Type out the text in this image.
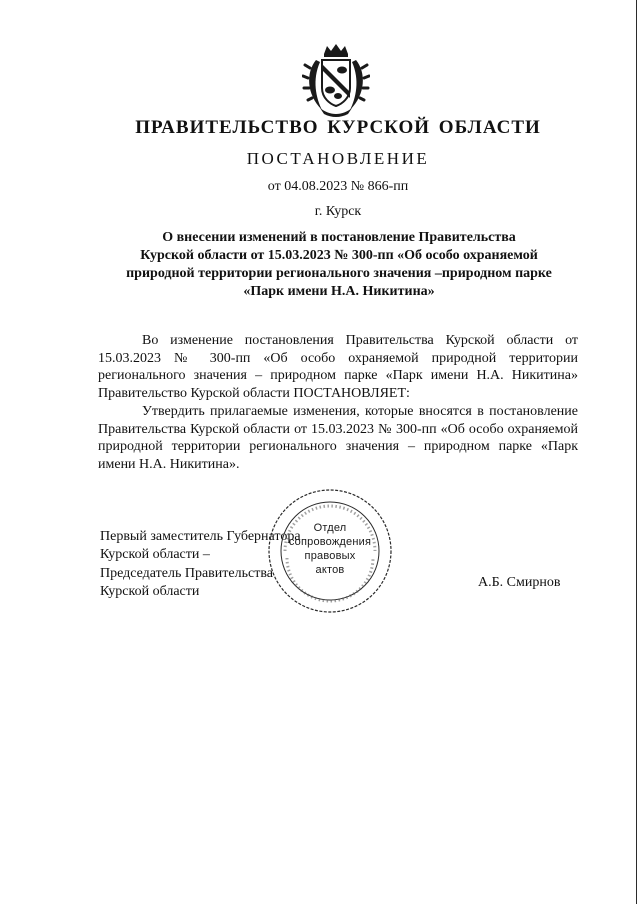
ПРАВИТЕЛЬСТВО КУРСКОЙ ОБЛАСТИ
ПОСТАНОВЛЕНИЕ
от 04.08.2023 № 866-пп
г. Курск
О внесении изменений в постановление Правительства
Курской области от 15.03.2023 № 300-пп «Об особо охраняемой
природной территории регионального значения –природном парке
«Парк имени Н.А. Никитина»

Во изменение постановления Правительства Курской области от 15.03.2023 № 300-пп «Об особо охраняемой природной территории регионального значения – природном парке «Парк имени Н.А. Никитина» Правительство Курской области ПОСТАНОВЛЯЕТ:

Утвердить прилагаемые изменения, которые вносятся в постановление Правительства Курской области от 15.03.2023 № 300-пп «Об особо охраняемой природной территории регионального значения – природном парке «Парк имени Н.А. Никитина».

Первый заместитель Губернатора
Курской области –
Председатель Правительства
Курской области
А.Б. Смирнов
Отдел
сопровождения
правовых
актов
